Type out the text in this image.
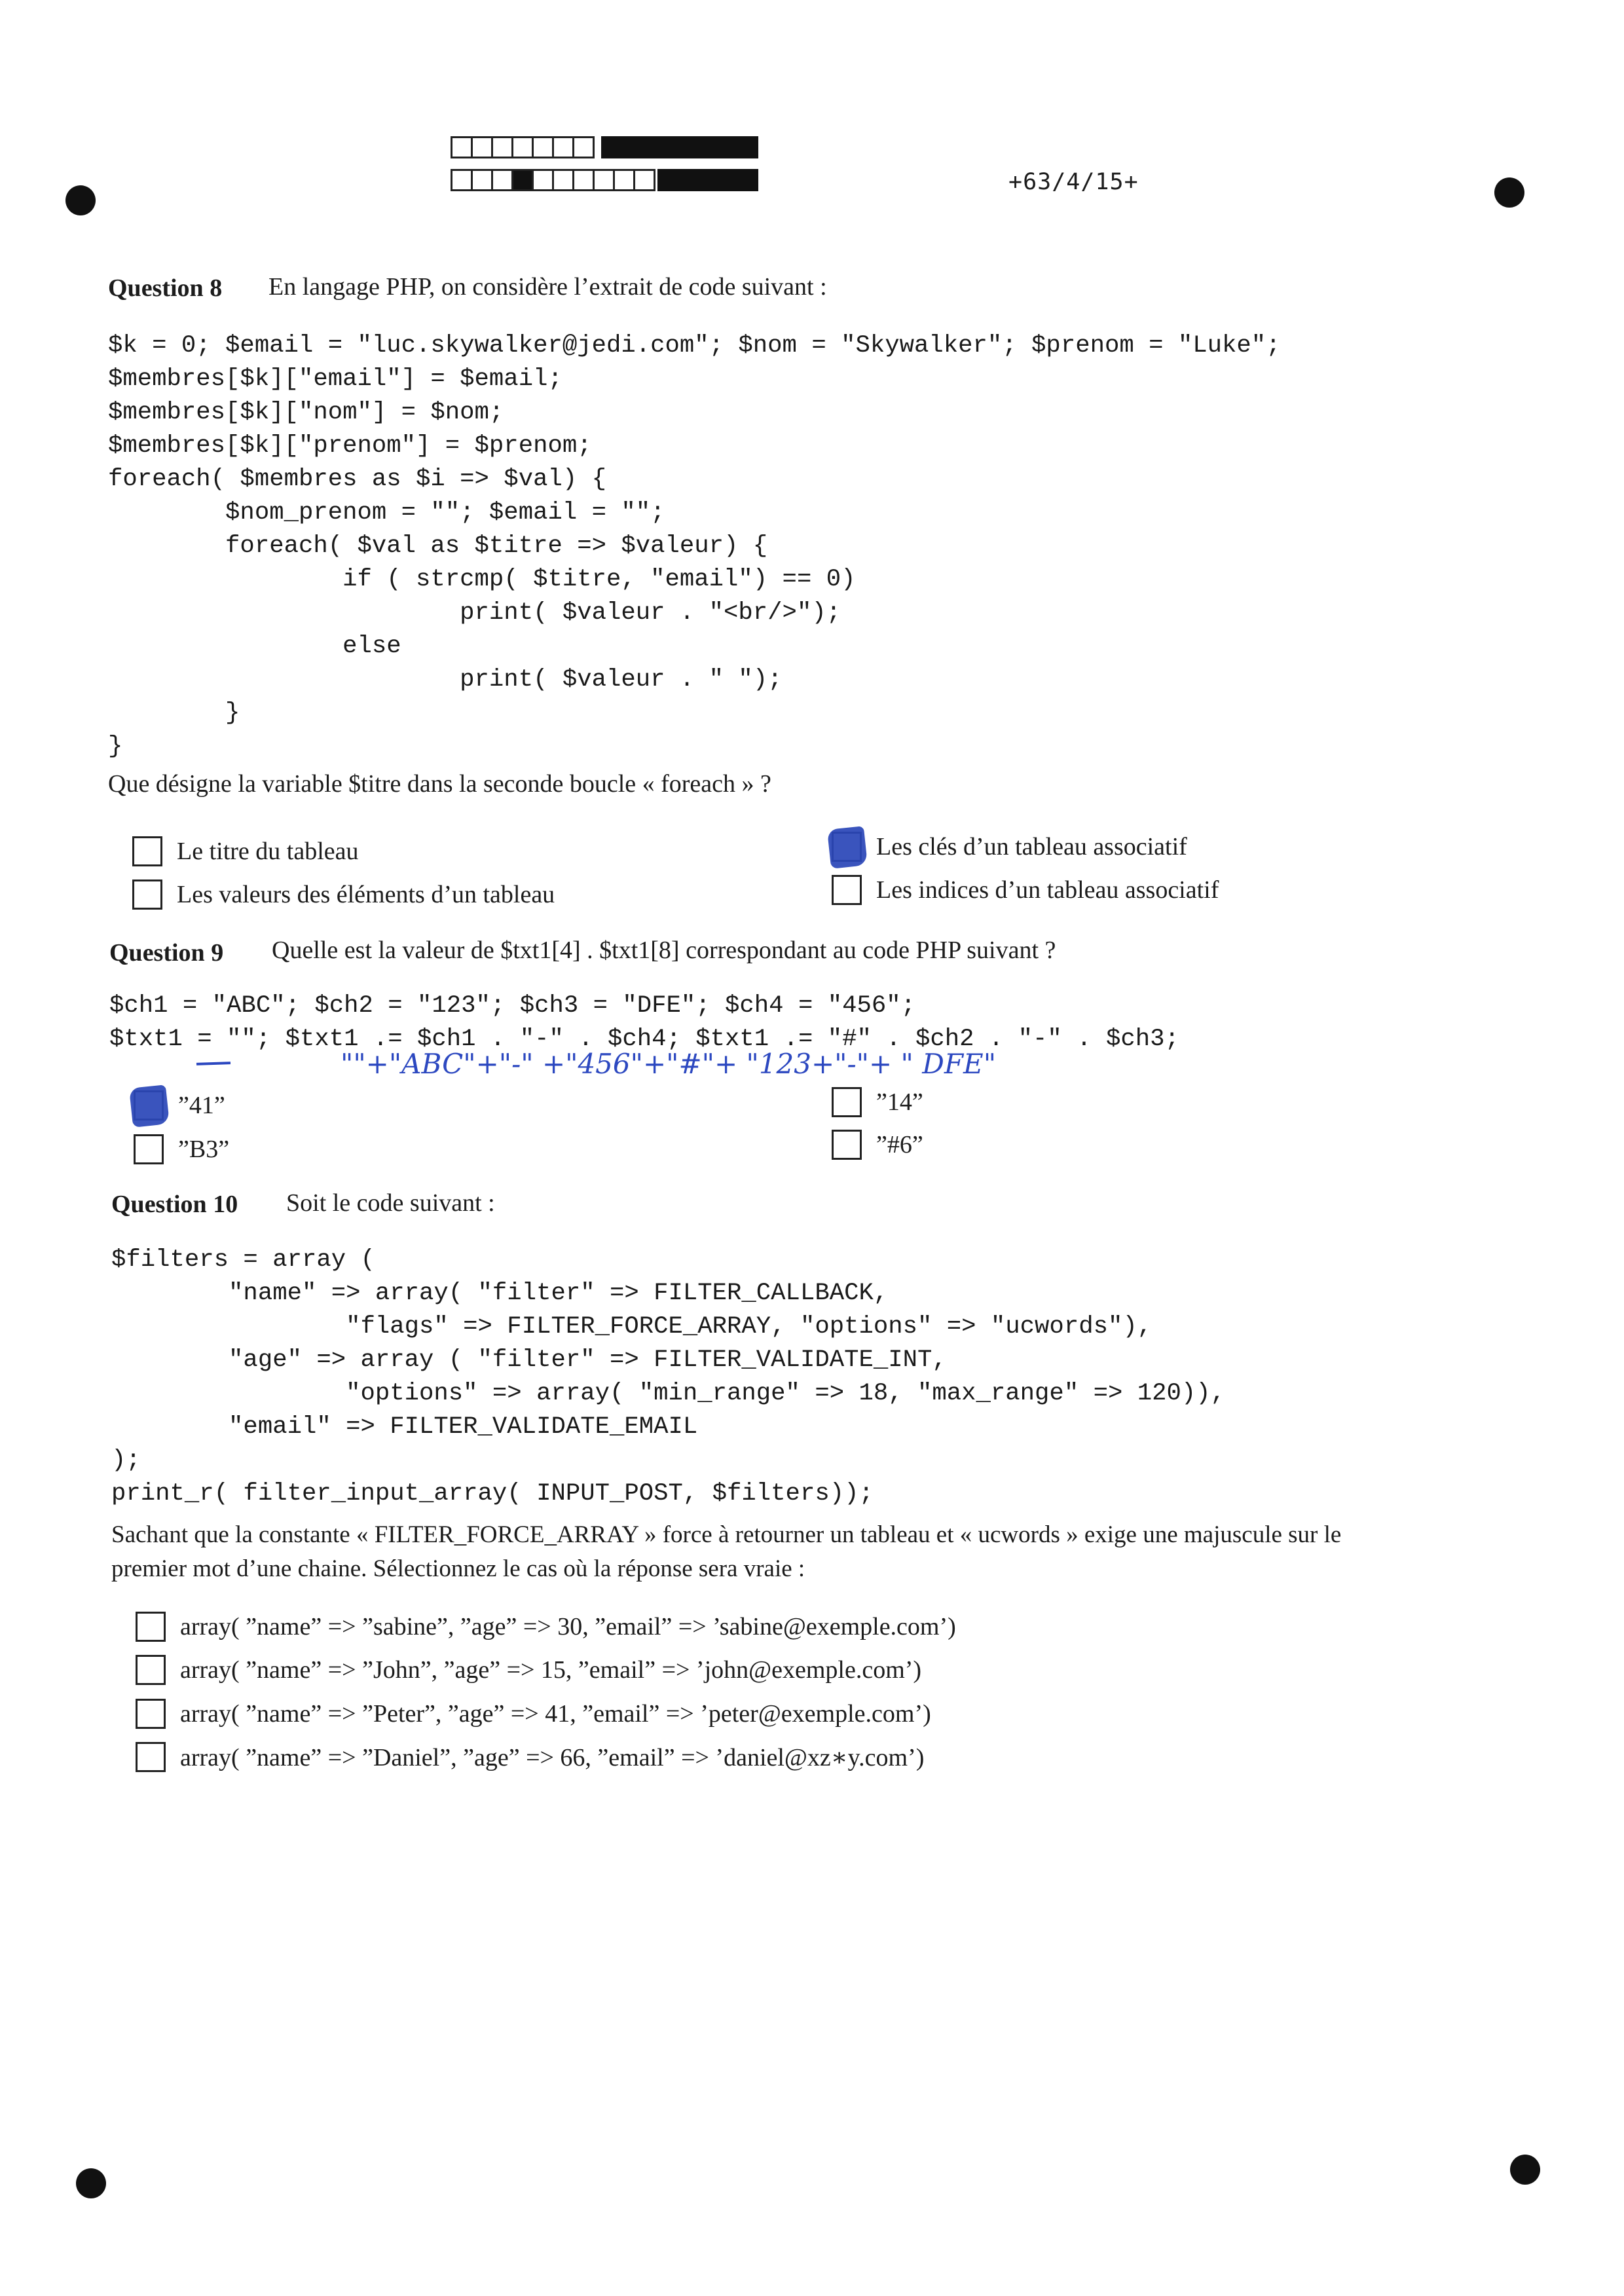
+63/4/15+
Question 8 En langage PHP, on considère l’extrait de code suivant :
$k = 0; $email = "luc.skywalker@jedi.com"; $nom = "Skywalker"; $prenom = "Luke";
$membres[$k]["email"] = $email;
$membres[$k]["nom"] = $nom;
$membres[$k]["prenom"] = $prenom;
foreach( $membres as $i => $val) {
$nom_prenom = ""; $email = "";
foreach( $val as $titre => $valeur) {
if ( strcmp( $titre, "email") == 0)
print( $valeur . "<br/>");
else
print( $valeur . " ");
}
}
Que désigne la variable $titre dans la seconde boucle « foreach » ?
Le titre du tableau
Les valeurs des éléments d’un tableau
Les clés d’un tableau associatif
Les indices d’un tableau associatif
Question 9 Quelle est la valeur de $txt1[4] . $txt1[8] correspondant au code PHP suivant ?
$ch1 = "ABC"; $ch2 = "123"; $ch3 = "DFE"; $ch4 = "456";
$txt1 = ""; $txt1 .= $ch1 . "-" . $ch4; $txt1 .= "#" . $ch2 . "-" . $ch3;
""+"ABC"+"-" +"456"+"#"+ "123+"-"+ " DFE"
”41”
”B3”
”14”
”#6”
Question 10 Soit le code suivant :
$filters = array (
"name" => array( "filter" => FILTER_CALLBACK,
"flags" => FILTER_FORCE_ARRAY, "options" => "ucwords"),
"age" => array ( "filter" => FILTER_VALIDATE_INT,
"options" => array( "min_range" => 18, "max_range" => 120)),
"email" => FILTER_VALIDATE_EMAIL
);
print_r( filter_input_array( INPUT_POST, $filters));
Sachant que la constante « FILTER_FORCE_ARRAY » force à retourner un tableau et « ucwords » exige une majuscule sur le
premier mot d’une chaine. Sélectionnez le cas où la réponse sera vraie :
array( ”name” => ”sabine”, ”age” => 30, ”email” => ’sabine@exemple.com’)
array( ”name” => ”John”, ”age” => 15, ”email” => ’john@exemple.com’)
array( ”name” => ”Peter”, ”age” => 41, ”email” => ’peter@exemple.com’)
array( ”name” => ”Daniel”, ”age” => 66, ”email” => ’daniel@xz∗y.com’)
